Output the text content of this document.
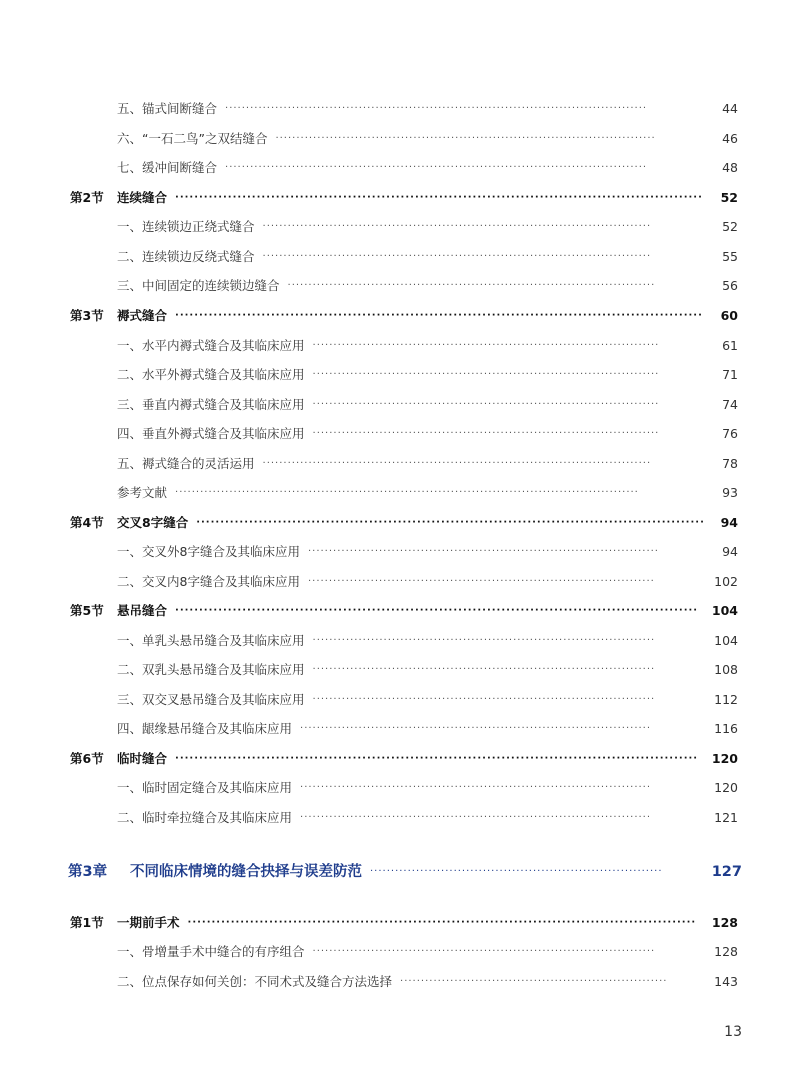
五、锚式间断缝合 ·····································································································	44
六、“一石二鸟”之双结缝合 ···························································································	46
七、缓冲间断缝合 ·····································································································	48
第2节 连续缝合 ··············································································································	52
一、连续锁边正绕式缝合 ·····························································································	52
二、连续锁边反绕式缝合 ·····························································································	55
三、中间固定的连续锁边缝合 ························································································	56
第3节 褥式缝合 ··············································································································	60
一、水平内褥式缝合及其临床应用 ···················································································	61
二、水平外褥式缝合及其临床应用 ···················································································	71
三、垂直内褥式缝合及其临床应用 ···················································································	74
四、垂直外褥式缝合及其临床应用 ···················································································	76
五、褥式缝合的灵活运用 ·····························································································	78
参考文献 ···············································································································	93
第4节 交叉8字缝合 ··········································································································	94
一、交叉外8字缝合及其临床应用 ····················································································	94
二、交叉内8字缝合及其临床应用 ···················································································	102
第5节 悬吊缝合 ·············································································································	104
一、单乳头悬吊缝合及其临床应用 ··················································································	104
二、双乳头悬吊缝合及其临床应用 ··················································································	108
三、双交叉悬吊缝合及其临床应用 ··················································································	112
四、龈缘悬吊缝合及其临床应用 ····················································································	116
第6节 临时缝合 ·············································································································	120
一、临时固定缝合及其临床应用 ····················································································	120
二、临时牵拉缝合及其临床应用 ····················································································	121
第3章 不同临床情境的缝合抉择与误差防范 ······································································	127
第1节 一期前手术 ··········································································································	128
一、骨增量手术中缝合的有序组合 ··················································································	128
二、位点保存如何关创：不同术式及缝合方法选择 ································································	143
13
